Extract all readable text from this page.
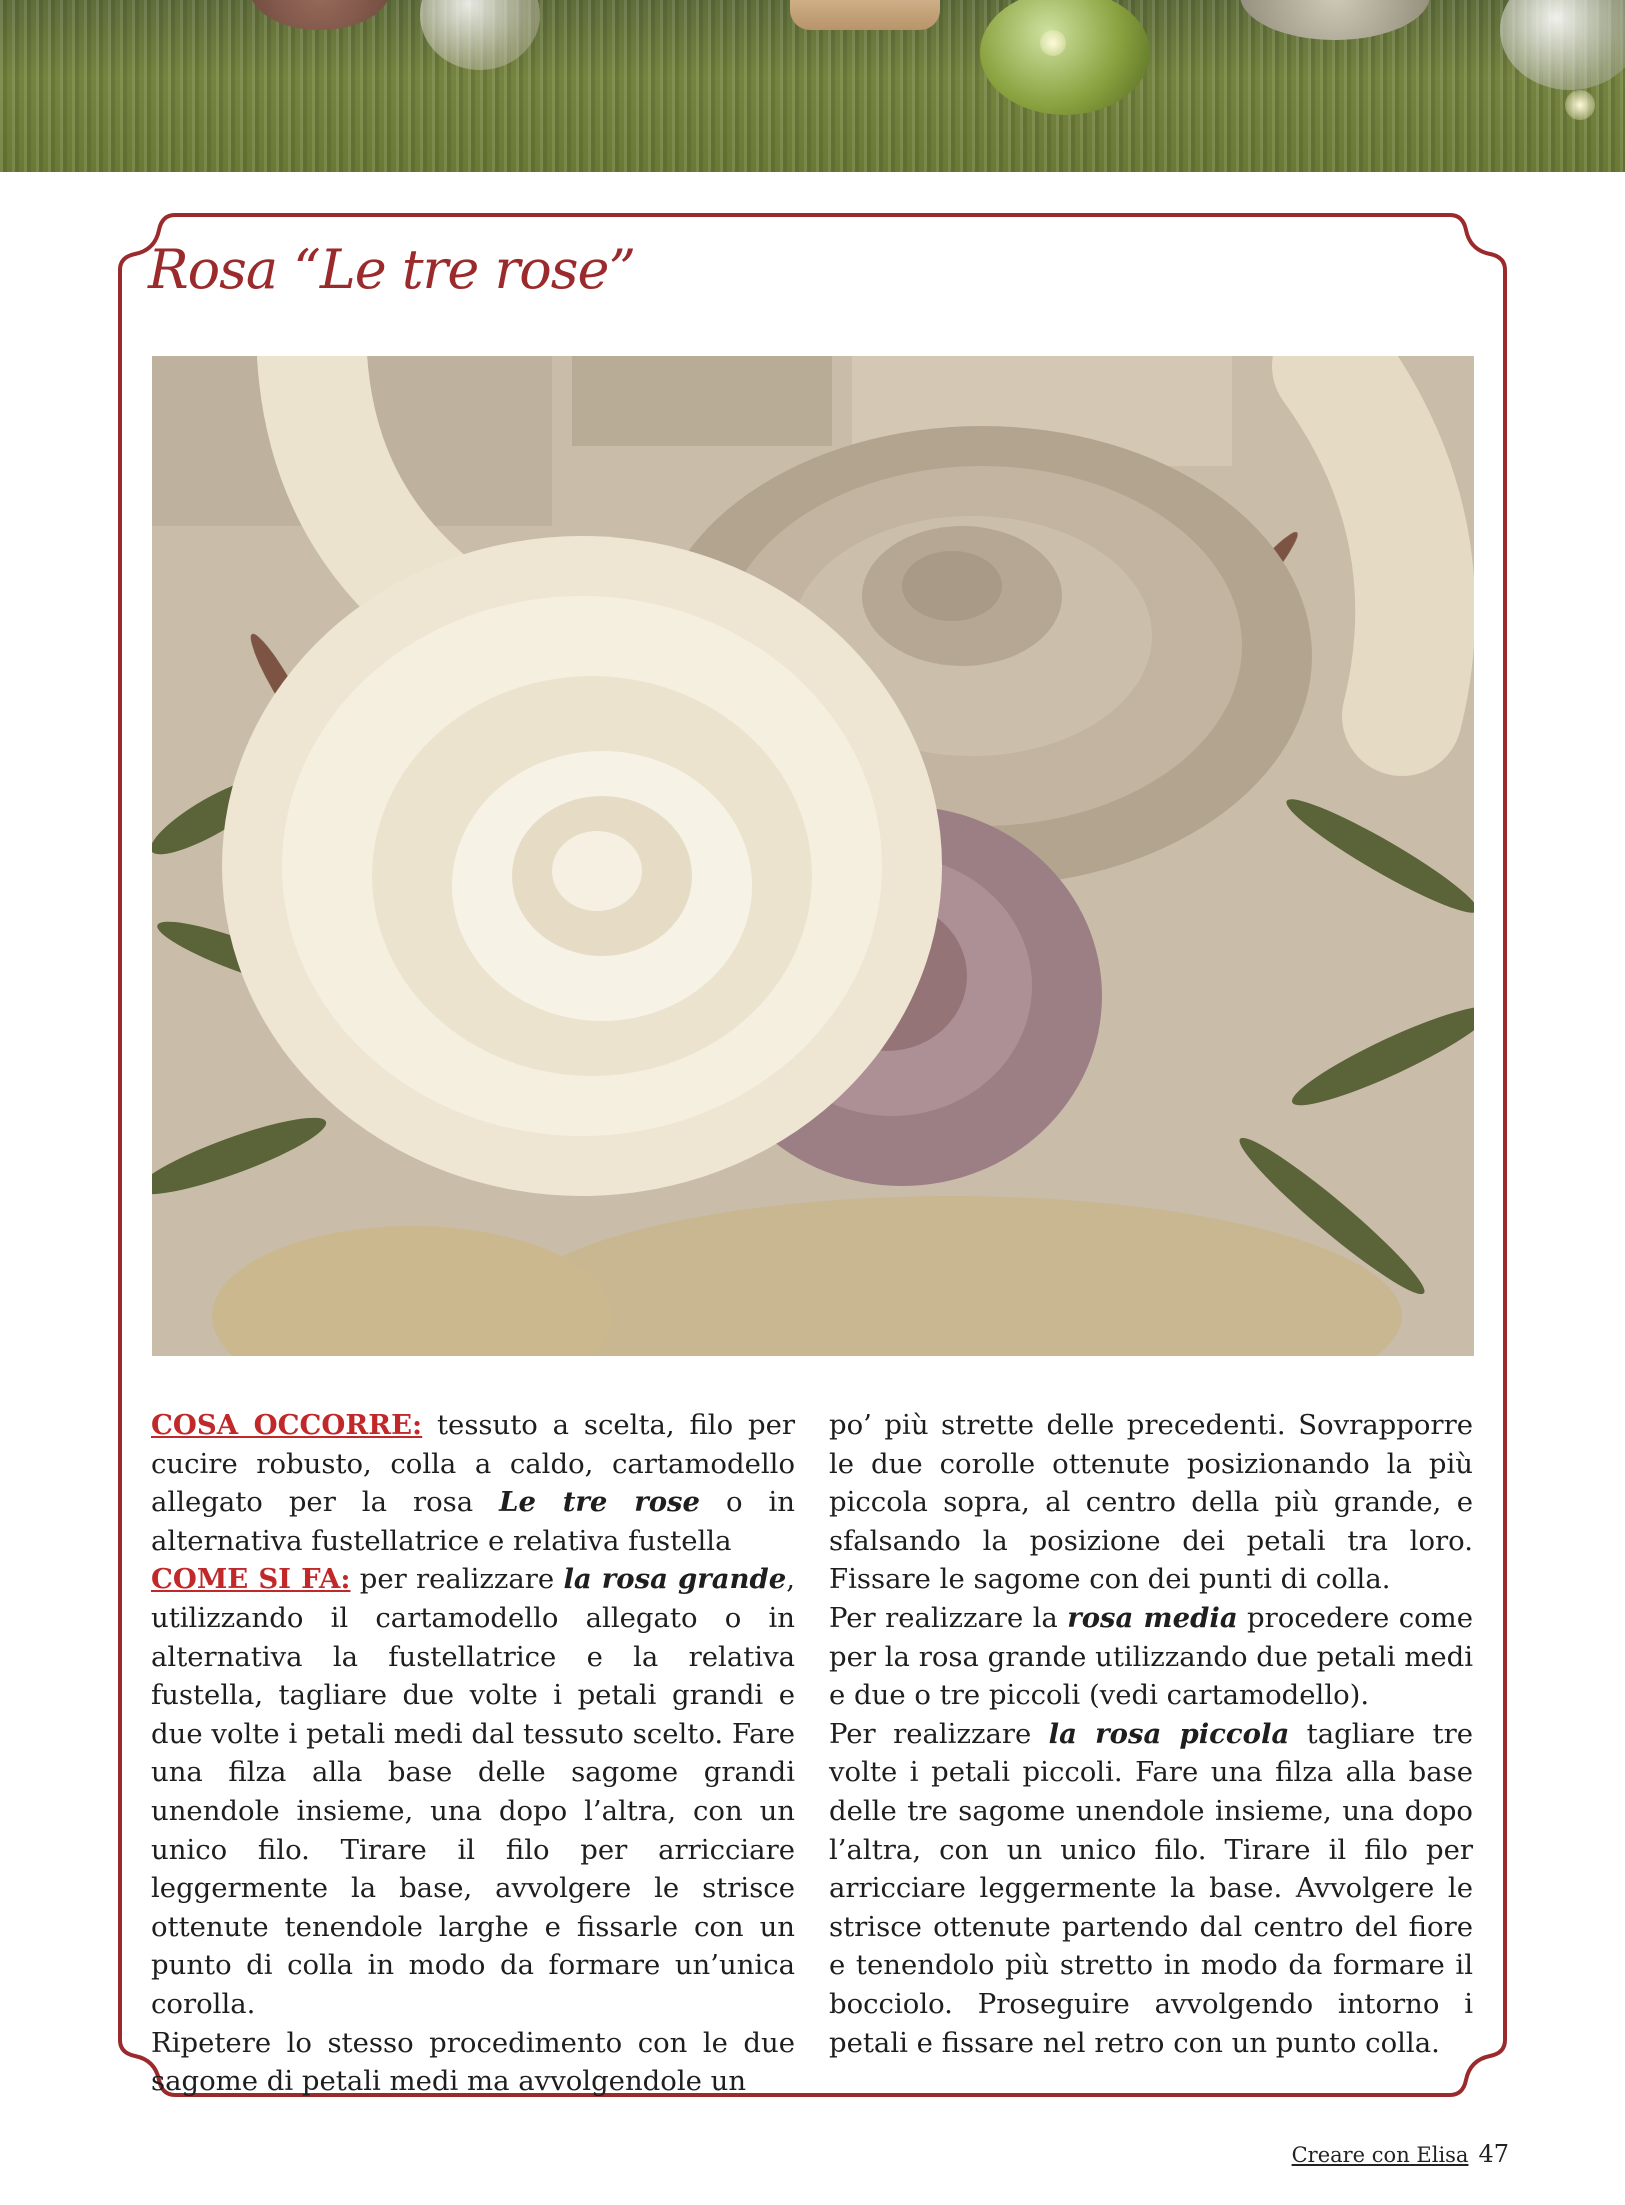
Rosa “Le tre rose”

COSA OCCORRE: tessuto a scelta, filo per cucire robusto, colla a caldo, cartamodello allegato per la rosa Le tre rose o in alternativa fustellatrice e relativa fustella

COME SI FA: per realizzare la rosa grande, utilizzando il cartamodello allegato o in alternativa la fustellatrice e la relativa fustella, tagliare due volte i petali grandi e due volte i petali medi dal tessuto scelto. Fare una filza alla base delle sagome grandi unendole insieme, una dopo l’altra, con un unico filo. Tirare il filo per arricciare leggermente la base, avvolgere le strisce ottenute tenendole larghe e fissarle con un punto di colla in modo da formare un’unica corolla.

Ripetere lo stesso procedimento con le due sagome di petali medi ma avvolgendole un

po’ più strette delle precedenti. Sovrapporre le due corolle ottenute posizionando la più piccola sopra, al centro della più grande, e sfalsando la posizione dei petali tra loro. Fissare le sagome con dei punti di colla.

Per realizzare la rosa media procedere come per la rosa grande utilizzando due petali medi e due o tre piccoli (vedi cartamodello).

Per realizzare la rosa piccola tagliare tre volte i petali piccoli. Fare una filza alla base delle tre sagome unendole insieme, una dopo l’altra, con un unico filo. Tirare il filo per arricciare leggermente la base. Avvolgere le strisce ottenute partendo dal centro del fiore e tenendolo più stretto in modo da formare il bocciolo. Proseguire avvolgendo intorno i petali e fissare nel retro con un punto colla.

Creare con Elisa 47
